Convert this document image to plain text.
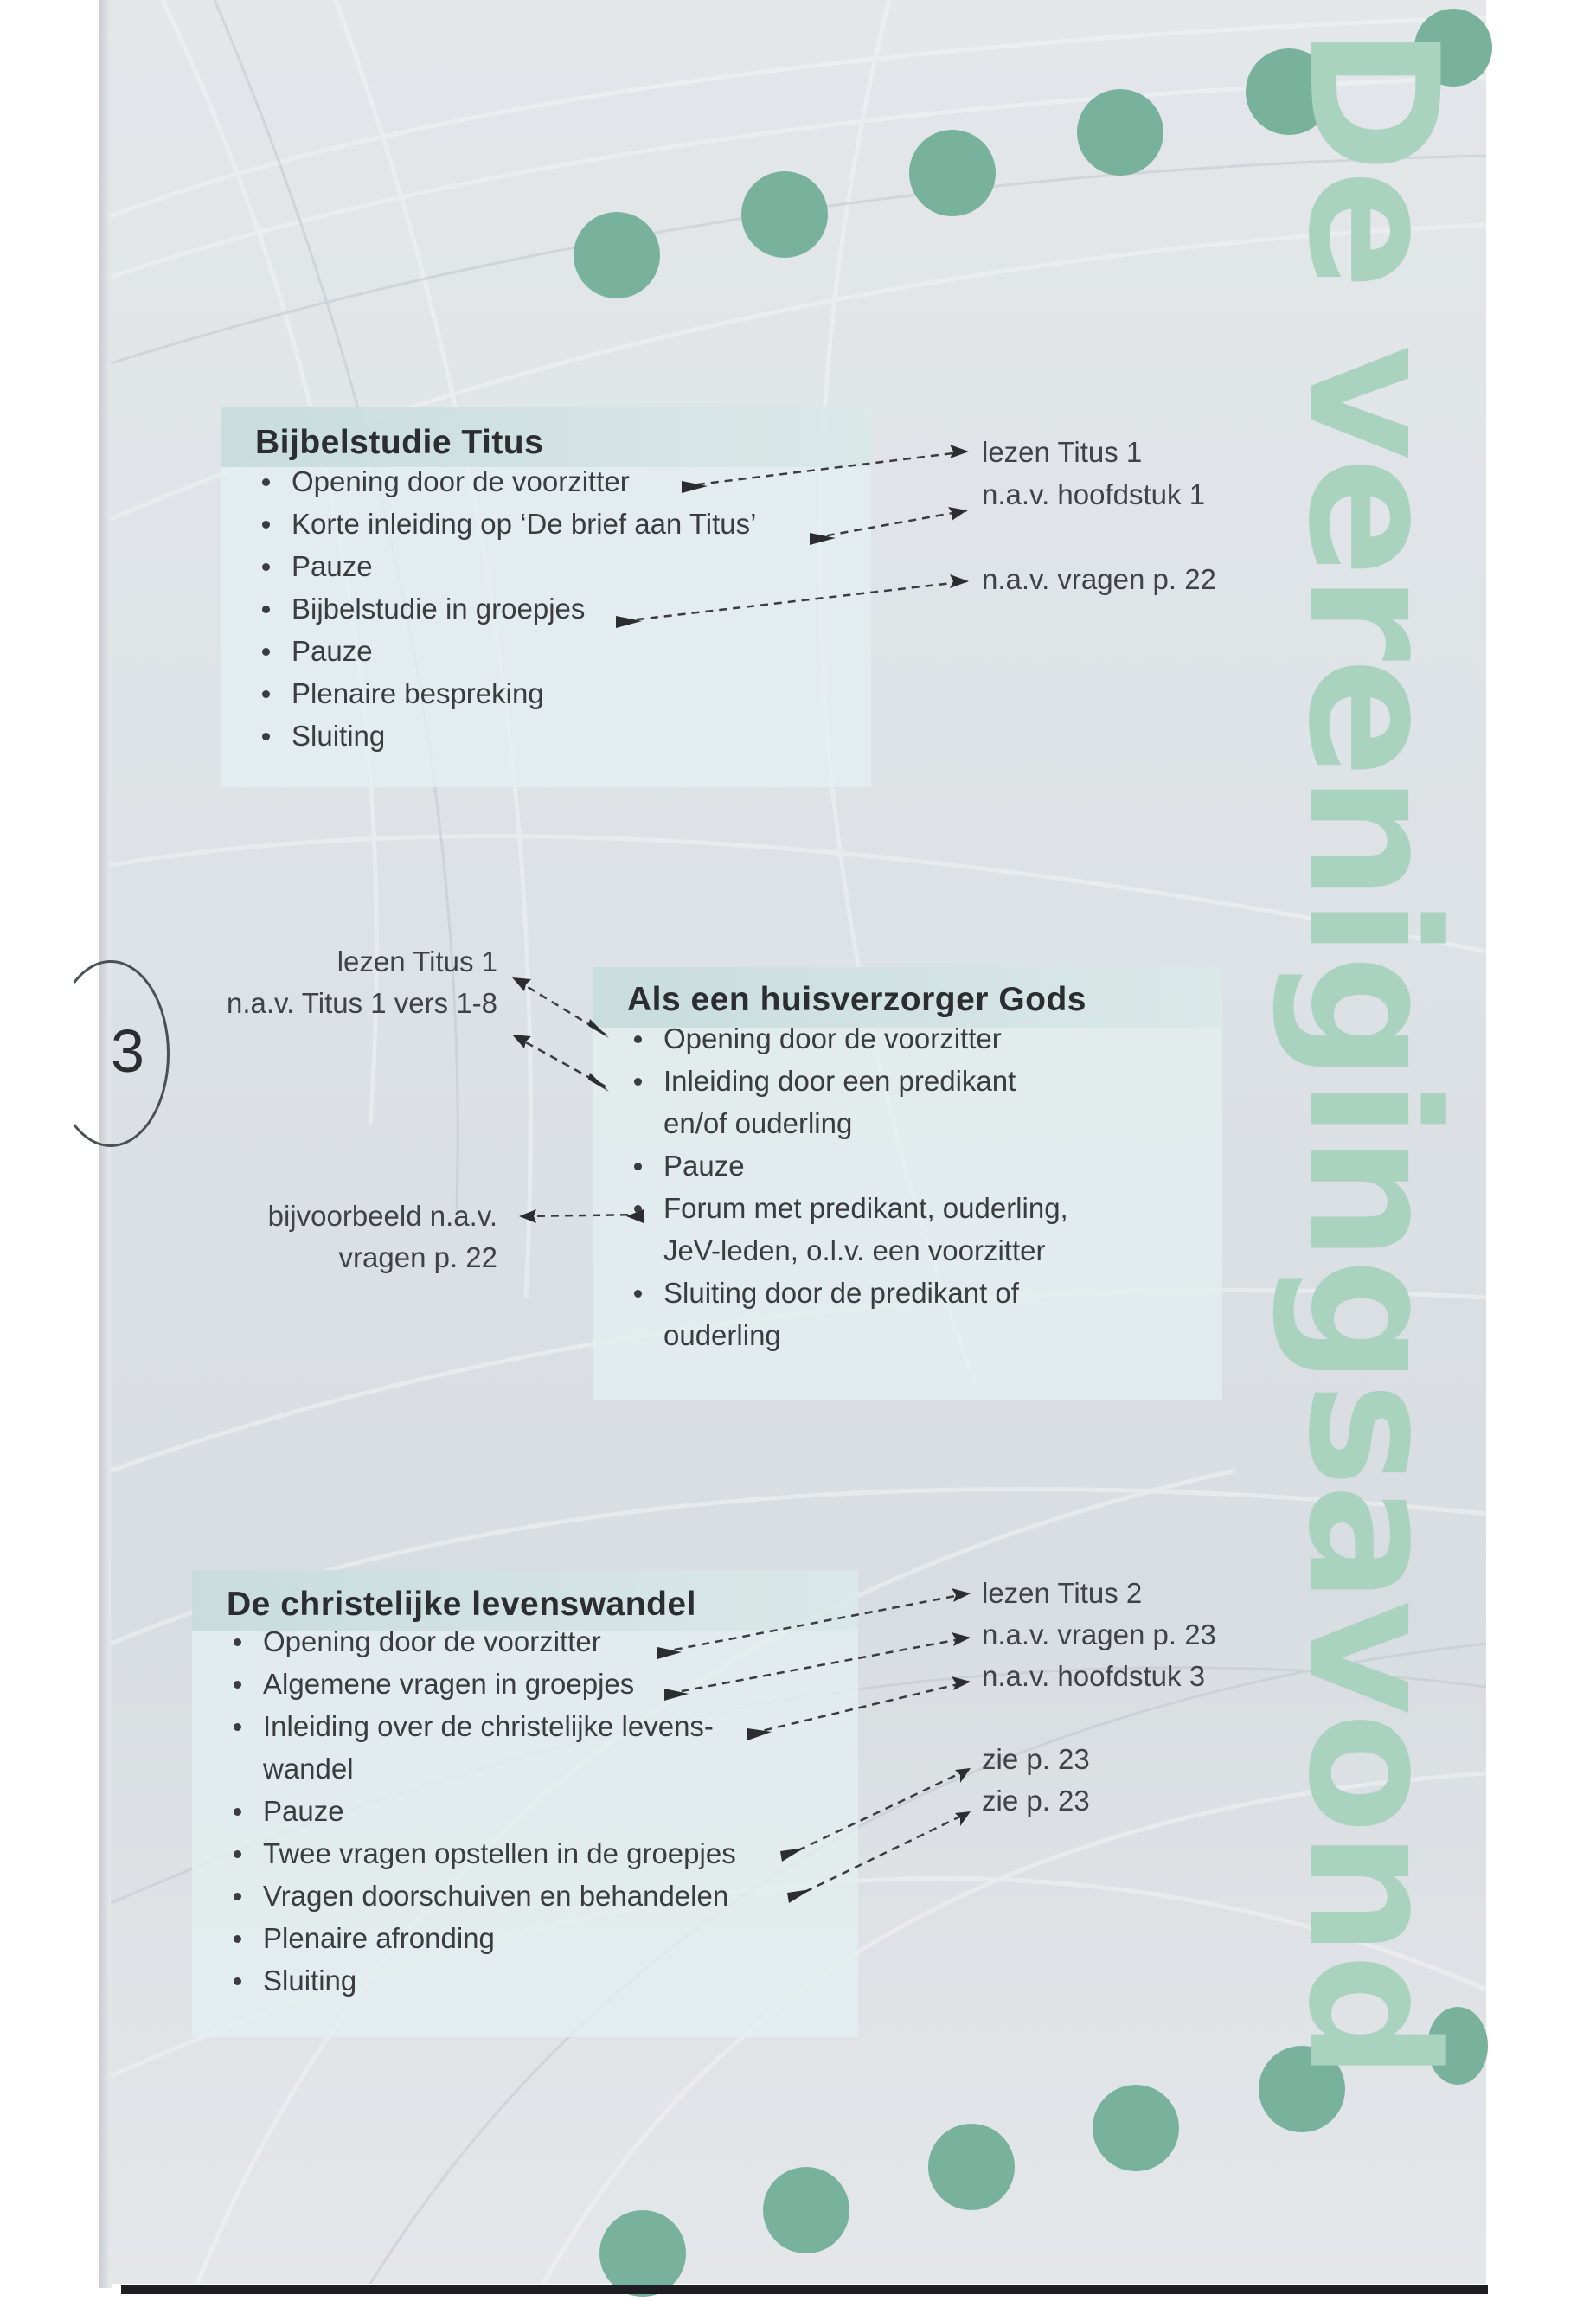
De verenigingsavond
3
Bijbelstudie Titus
Opening door de voorzitter
Korte inleiding op ‘De brief aan Titus’
Pauze
Bijbelstudie in groepjes
Pauze
Plenaire bespreking
Sluiting
lezen Titus 1
n.a.v. hoofdstuk 1
n.a.v. vragen p. 22
Als een huisverzorger Gods
Opening door de voorzitter
Inleiding door een predikant
en/of ouderling
Pauze
Forum met predikant, ouderling,
JeV-leden, o.l.v. een voorzitter
Sluiting door de predikant of
ouderling
lezen Titus 1
n.a.v. Titus 1 vers 1-8
bijvoorbeeld n.a.v.
vragen p. 22
De christelijke levenswandel
Opening door de voorzitter
Algemene vragen in groepjes
Inleiding over de christelijke levens-
wandel
Pauze
Twee vragen opstellen in de groepjes
Vragen doorschuiven en behandelen
Plenaire afronding
Sluiting
lezen Titus 2
n.a.v. vragen p. 23
n.a.v. hoofdstuk 3
zie p. 23
zie p. 23
